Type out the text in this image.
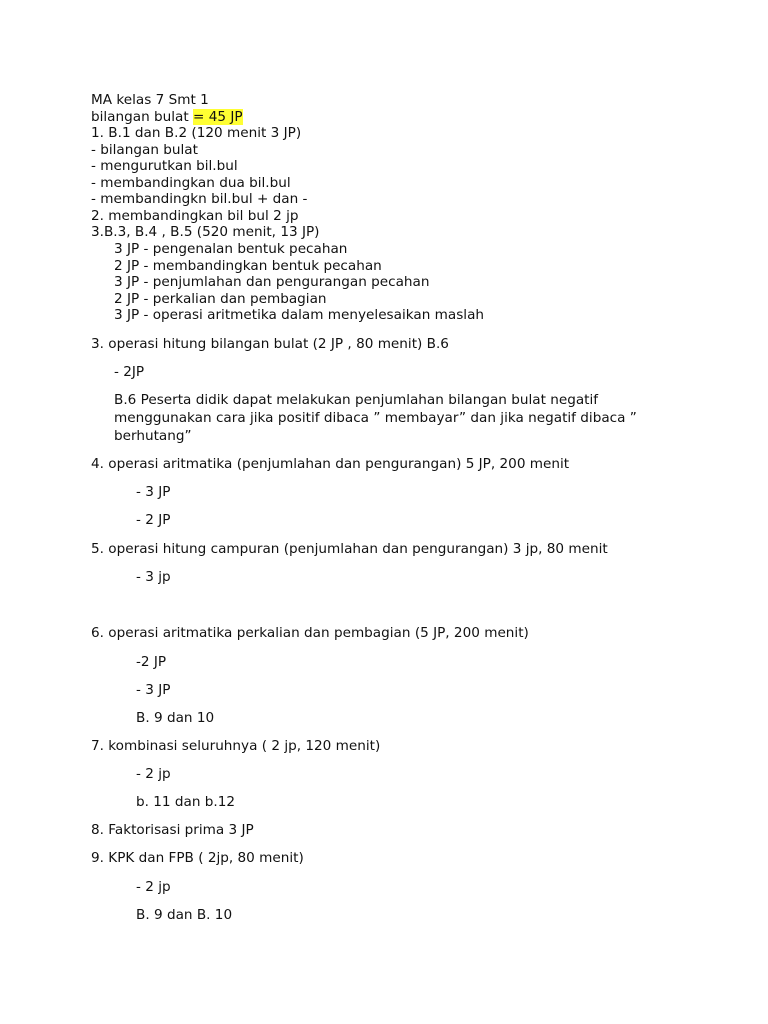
MA kelas 7 Smt 1
bilangan bulat = 45 JP
1. B.1 dan B.2 (120 menit 3 JP)
- bilangan bulat
- mengurutkan bil.bul
- membandingkan dua bil.bul
- membandingkn bil.bul + dan -
2. membandingkan bil bul 2 jp
3.B.3, B.4 , B.5 (520 menit, 13 JP)
3 JP - pengenalan bentuk pecahan
2 JP - membandingkan bentuk pecahan
3 JP - penjumlahan dan pengurangan pecahan
2 JP - perkalian dan pembagian
3 JP - operasi aritmetika dalam menyelesaikan maslah
3. operasi hitung bilangan bulat (2 JP , 80 menit) B.6
- 2JP
B.6 Peserta didik dapat melakukan penjumlahan bilangan bulat negatif
menggunakan cara jika positif dibaca ” membayar” dan jika negatif dibaca ”
berhutang”
4. operasi aritmatika (penjumlahan dan pengurangan) 5 JP, 200 menit
- 3 JP
- 2 JP
5. operasi hitung campuran (penjumlahan dan pengurangan) 3 jp, 80 menit
- 3 jp
6. operasi aritmatika perkalian dan pembagian (5 JP, 200 menit)
-2 JP
- 3 JP
B. 9 dan 10
7. kombinasi seluruhnya ( 2 jp, 120 menit)
- 2 jp
b. 11 dan b.12
8. Faktorisasi prima 3 JP
9. KPK dan FPB ( 2jp, 80 menit)
- 2 jp
B. 9 dan B. 10
